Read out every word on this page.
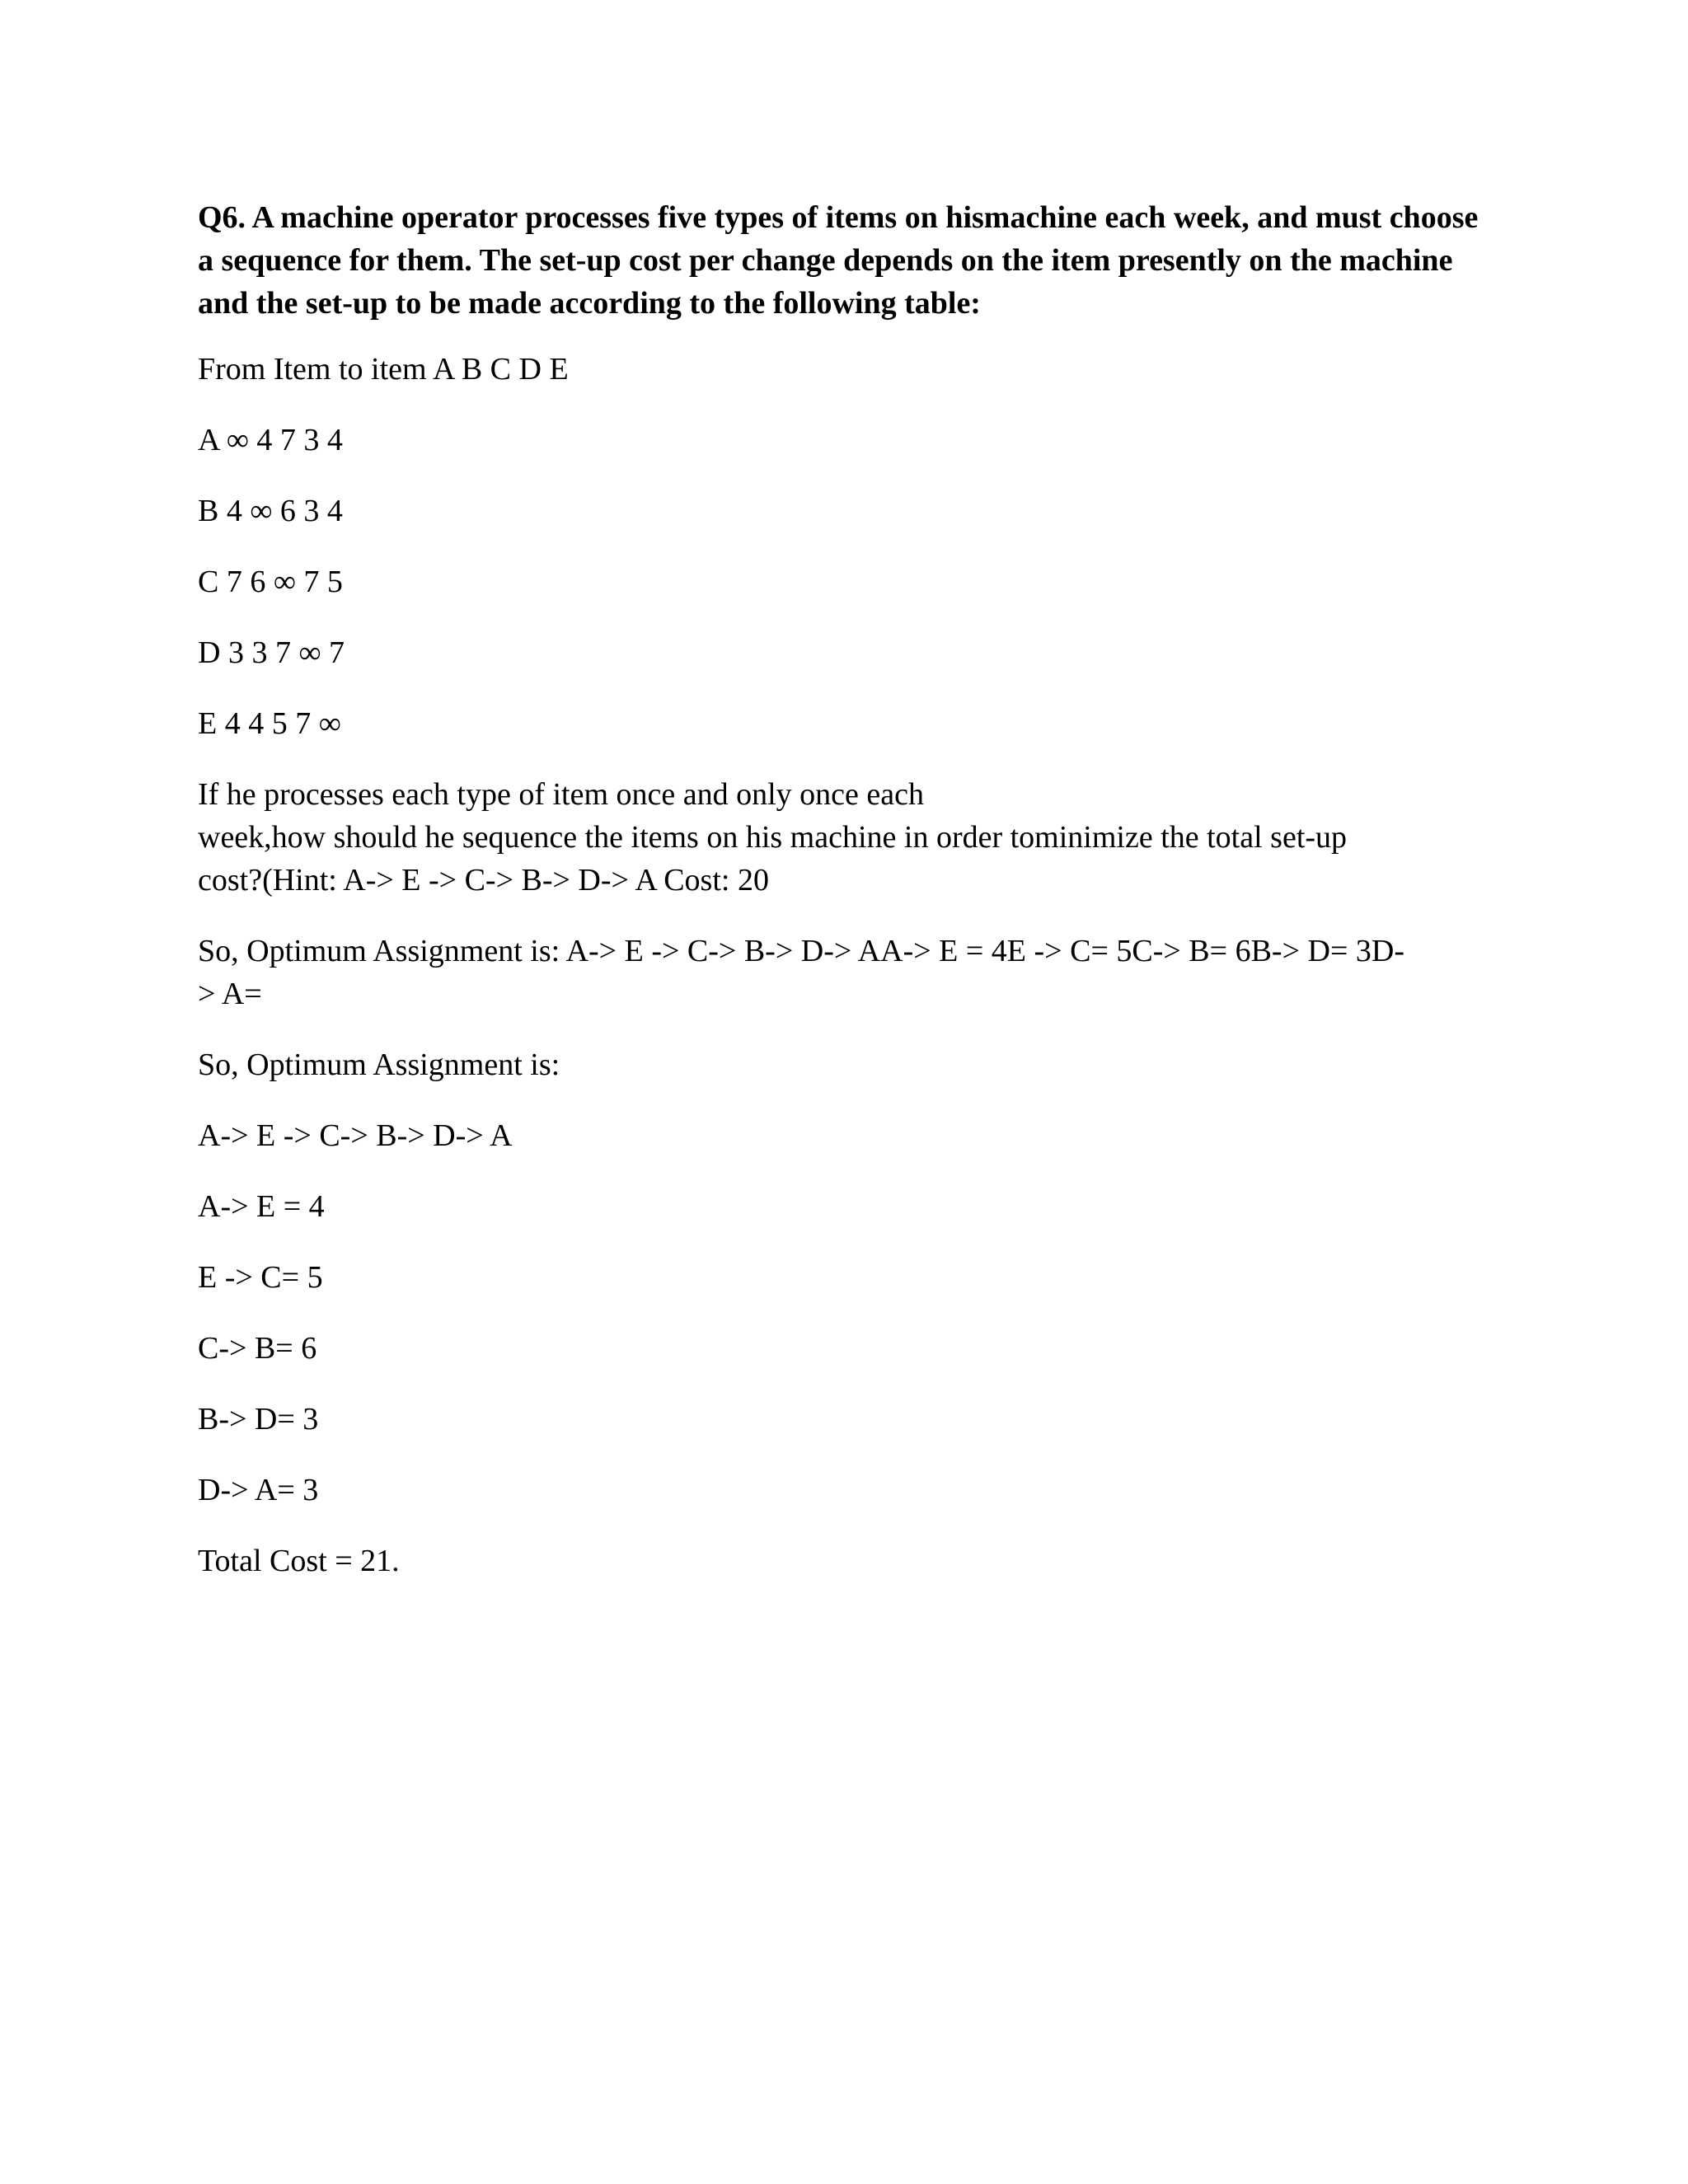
Q6. A machine operator processes five types of items on hismachine each week, and must choose a sequence for them. The set-up cost per change depends on the item presently on the machine and the set-up to be made according to the following table:

From Item to item A B C D E

A ∞ 4 7 3 4

B 4 ∞ 6 3 4

C 7 6 ∞ 7 5

D 3 3 7 ∞ 7

E 4 4 5 7 ∞

If he processes each type of item once and only once each
week,how should he sequence the items on his machine in order tominimize the total set-up
cost?(Hint: A-> E -> C-> B-> D-> A Cost: 20

So, Optimum Assignment is: A-> E -> C-> B-> D-> AA-> E = 4E -> C= 5C-> B= 6B-> D= 3D-
> A=

So, Optimum Assignment is:

A-> E -> C-> B-> D-> A

A-> E = 4

E -> C= 5

C-> B= 6

B-> D= 3

D-> A= 3

Total Cost = 21.
